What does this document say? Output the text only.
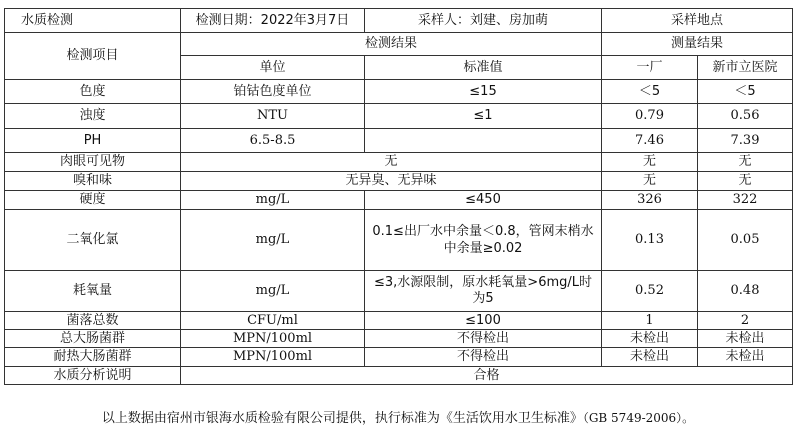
水质检测	检测日期：2022年3月7日	采样人：刘建、房加萌	采样地点	
检测项目	检测结果		测量结果	
	单位	标准值	一厂	新市立医院
色度	铂钴色度单位	≤15	＜5	＜5
浊度	NTU	≤1	0.79	0.56
PH	6.5-8.5		7.46	7.39
肉眼可见物	无		无	无
嗅和味	无异臭、无异味		无	无
硬度	mg/L	≤450	326	322
二氧化氯	mg/L	0.1≤出厂水中余量＜0.8，管网末梢水中余量≥0.02	0.13	0.05
耗氧量	mg/L	≤3,水源限制，原水耗氧量>6mg/L时为5	0.52	0.48
菌落总数	CFU/ml	≤100	1	2
总大肠菌群	MPN/100ml	不得检出	未检出	未检出
耐热大肠菌群	MPN/100ml	不得检出	未检出	未检出
水质分析说明	合格			
以上数据由宿州市银海水质检验有限公司提供，执行标准为《生活饮用水卫生标准》（GB 5749-2006）。
